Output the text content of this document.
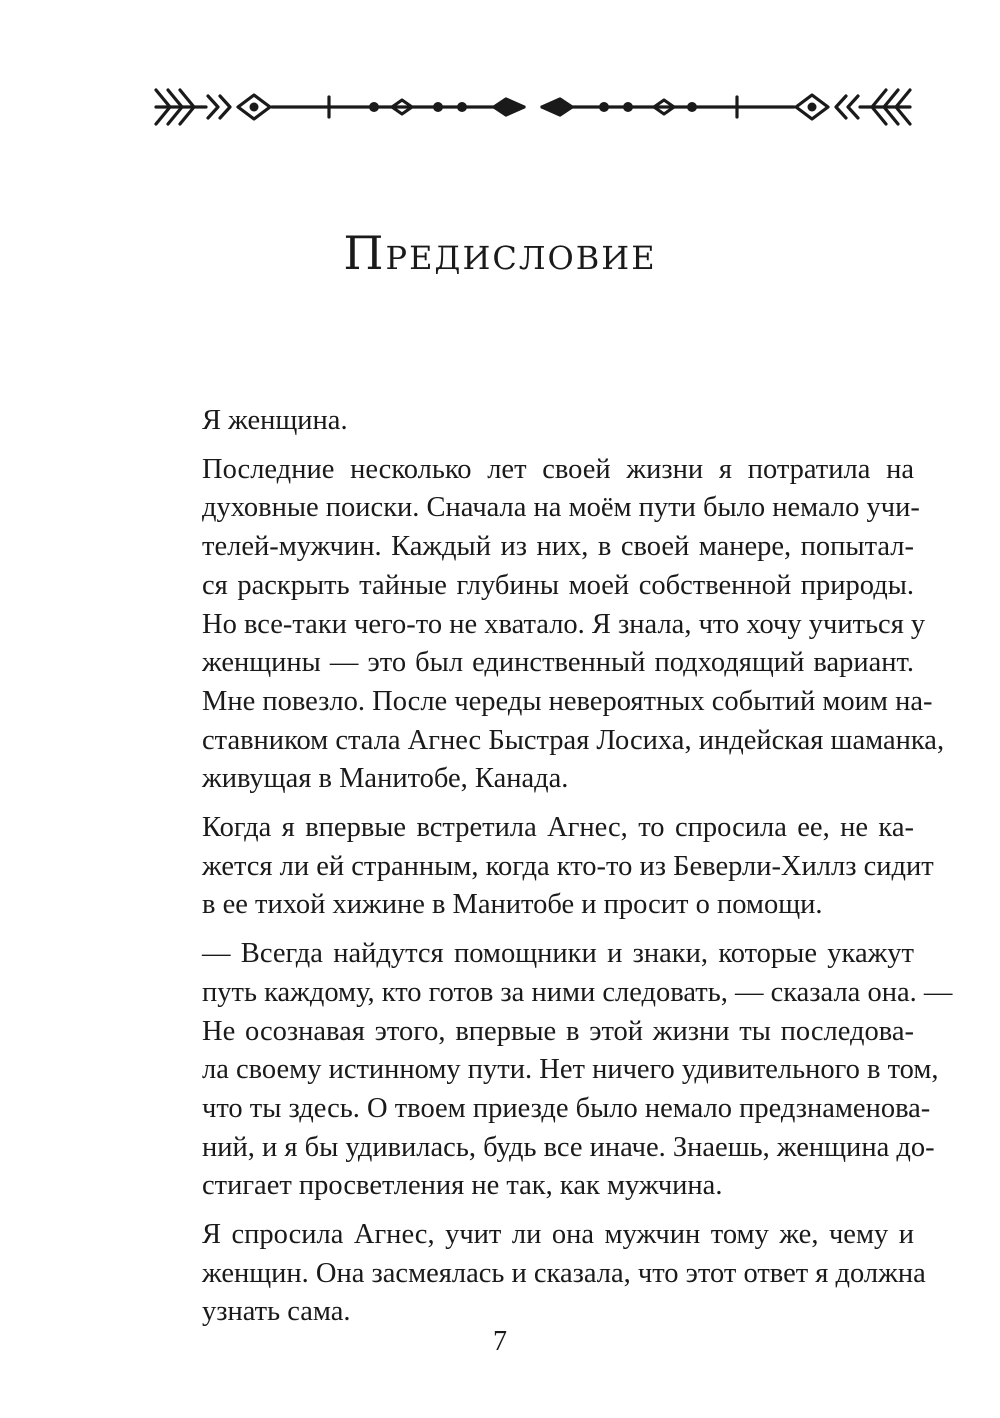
Предисловие

Я женщина.

Последние несколько лет своей жизни я потратила на
духовные поиски. Сначала на моём пути было немало учи-
телей-мужчин. Каждый из них, в своей манере, попытал-
ся раскрыть тайные глубины моей собственной природы.
Но все-таки чего-то не хватало. Я знала, что хочу учиться у
женщины — это был единственный подходящий вариант.
Мне повезло. После череды невероятных событий моим на-
ставником стала Агнес Быстрая Лосиха, индейская шаманка,
живущая в Манитобе, Канада.

Когда я впервые встретила Агнес, то спросила ее, не ка-
жется ли ей странным, когда кто-то из Беверли-Хиллз сидит
в ее тихой хижине в Манитобе и просит о помощи.

— Всегда найдутся помощники и знаки, которые укажут
путь каждому, кто готов за ними следовать, — сказала она. —
Не осознавая этого, впервые в этой жизни ты последова-
ла своему истинному пути. Нет ничего удивительного в том,
что ты здесь. О твоем приезде было немало предзнаменова-
ний, и я бы удивилась, будь все иначе. Знаешь, женщина до-
стигает просветления не так, как мужчина.

Я спросила Агнес, учит ли она мужчин тому же, чему и
женщин. Она засмеялась и сказала, что этот ответ я должна
узнать сама.

7
